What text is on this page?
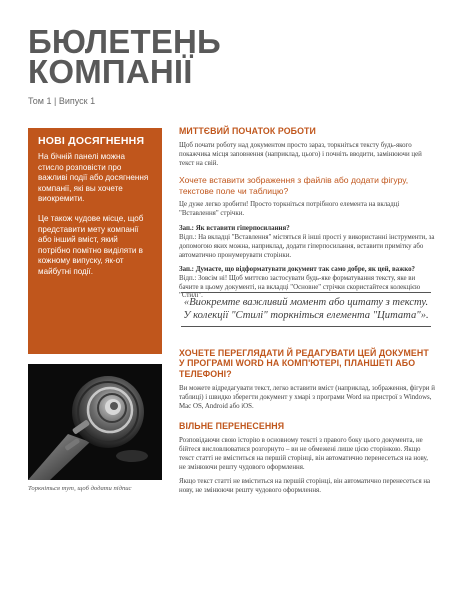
БЮЛЕТЕНЬ
КОМПАНІЇ
Том 1 | Випуск 1
НОВІ ДОСЯГНЕННЯ

На бічній панелі можна стисло розповісти про важливі події або досягнення компанії, які вы хочете виокремити.

Це також чудове місце, щоб представити мету компанії або інший вміст, який потрібно помітно виділяти в кожному випуску, як-от майбутні події.

Торкніться тут, щоб додати підпис
МИТТЄВИЙ ПОЧАТОК РОБОТИ

Щоб почати роботу над документом просто зараз, торкніться тексту будь-якого покажчика місця заповнення (наприклад, цього) і почніть вводити, замінюючи цей текст на свій.

Хочете вставити зображення з файлів або додати фігуру, текстове поле чи таблицю?

Це дуже легко зробити! Просто торкніться потрібного елемента на вкладці "Вставлення" стрічки.

Зап.: Як вставити гіперпосилання?
Відп.: На вкладці "Вставлення" містяться й інші прості у використанні інструменти, за допомогою яких можна, наприклад, додати гіперпосилання, вставити примітку або автоматично пронумерувати сторінки.

Зап.: Думаєте, що відформатувати документ так само добре, як цей, важко?
Відп.: Зовсім ні! Щоб миттєво застосувати будь-яке форматування тексту, яке ви бачите в цьому документі, на вкладці "Основне" стрічки скористайтеся колекцією "Стилі".

«Виокремте важливий момент або цитату з тексту. У колекції "Стилі" торкніться елемента "Цитата"».
ХОЧЕТЕ ПЕРЕГЛЯДАТИ Й РЕДАГУВАТИ ЦЕЙ ДОКУМЕНТ У ПРОГРАМІ WORD НА КОМП'ЮТЕРІ, ПЛАНШЕТІ АБО ТЕЛЕФОНІ?

Ви можете відредагувати текст, легко вставити вміст (наприклад, зображення, фігури й таблиці) і швидко зберегти документ у хмарі з програми Word на пристрої з Windows, Mac OS, Android або iOS.

ВІЛЬНЕ ПЕРЕНЕСЕННЯ

Розповідаючи свою історію в основному тексті з правого боку цього документа, не бійтеся висловлюватися розгорнуто – ви не обмежені лише цією сторінкою. Якщо текст статті не вміститься на першій сторінці, він автоматично перенесеться на нову, не змінюючи решту чудового оформлення.

Якщо текст статті не вміститься на першій сторінці, він автоматично перенесеться на нову, не змінюючи решту чудового оформлення.
